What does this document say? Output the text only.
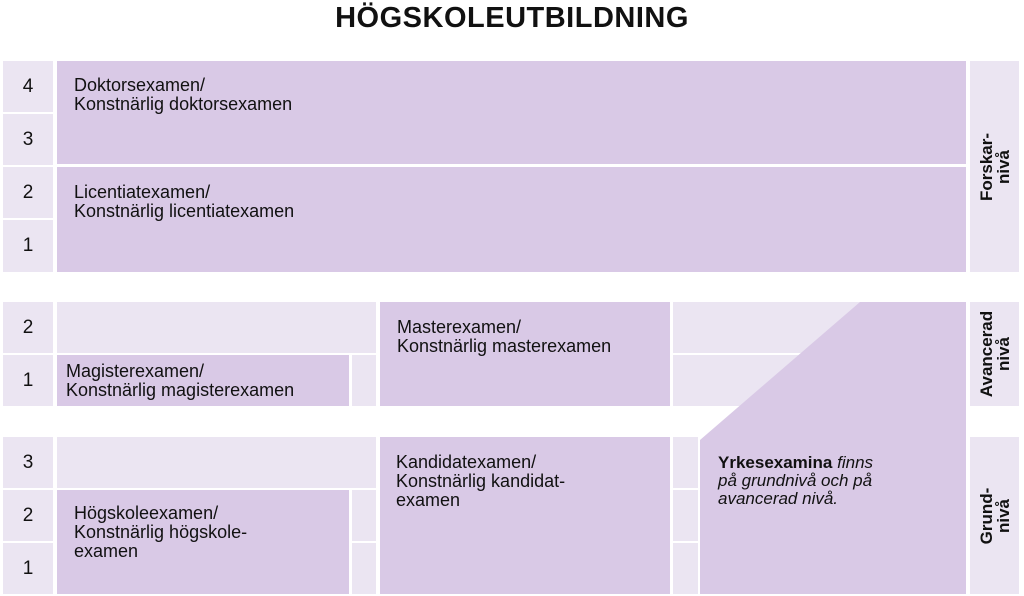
HÖGSKOLEUTBILDNING
4
3
2
1
Doktorsexamen/
Konstnärlig doktorsexamen
Licentiatexamen/
Konstnärlig licentiatexamen
Forskar-
nivå
2
1 Magisterexamen/
Konstnärlig magisterexamen
Masterexamen/
Konstnärlig masterexamen	Avancerad
nivå
3
2
1
Högskoleexamen/
Konstnärlig högskole-
examen
Kandidatexamen/
Konstnärlig kandidat-
examen
Yrkesexamina finns
på grundnivå och på
avancerad nivå.	Grund-
nivå
